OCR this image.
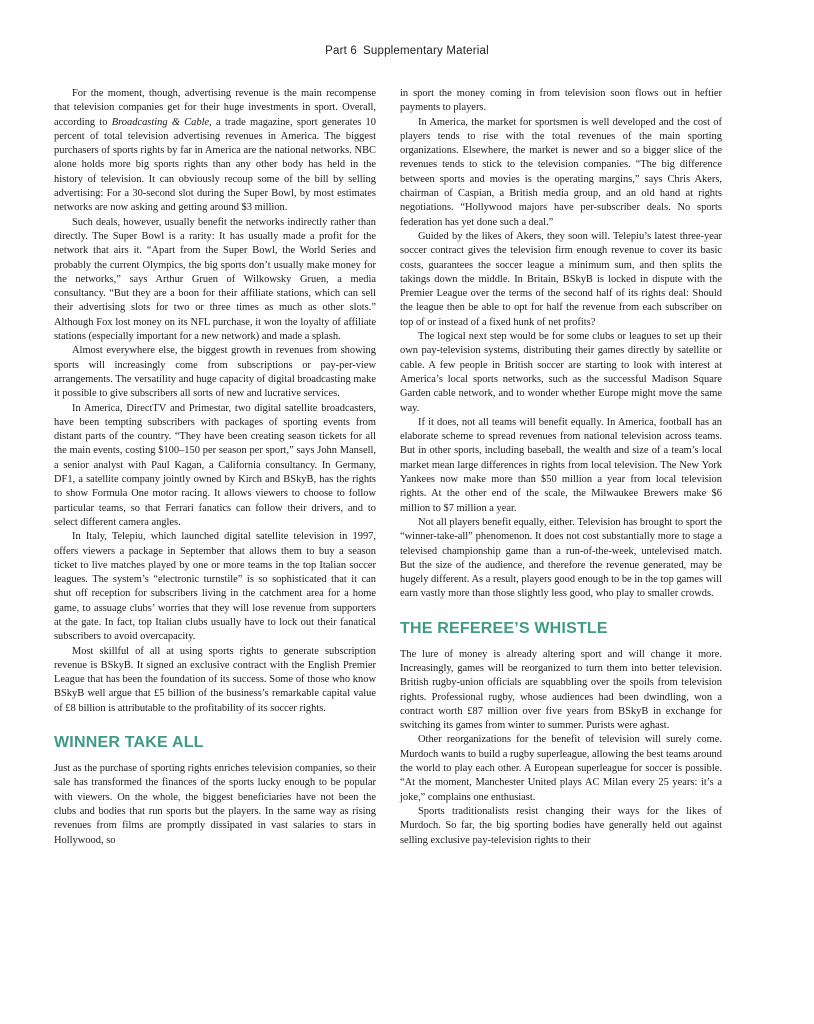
Part 6 Supplementary Material

For the moment, though, advertising revenue is the main recompense that television companies get for their huge investments in sport. Overall, according to Broadcasting & Cable, a trade magazine, sport generates 10 percent of total television advertising revenues in America. The biggest purchasers of sports rights by far in America are the national networks. NBC alone holds more big sports rights than any other body has held in the history of television. It can obviously recoup some of the bill by selling advertising: For a 30-second slot during the Super Bowl, by most estimates networks are now asking and getting around $3 million.

Such deals, however, usually benefit the networks indirectly rather than directly. The Super Bowl is a rarity: It has usually made a profit for the network that airs it. “Apart from the Super Bowl, the World Series and probably the current Olympics, the big sports don’t usually make money for the networks,” says Arthur Gruen of Wilkowsky Gruen, a media consultancy. “But they are a boon for their affiliate stations, which can sell their advertising slots for two or three times as much as other slots.” Although Fox lost money on its NFL purchase, it won the loyalty of affiliate stations (especially important for a new network) and made a splash.

Almost everywhere else, the biggest growth in revenues from showing sports will increasingly come from subscriptions or pay-per-view arrangements. The versatility and huge capacity of digital broadcasting make it possible to give subscribers all sorts of new and lucrative services.

In America, DirectTV and Primestar, two digital satellite broadcasters, have been tempting subscribers with packages of sporting events from distant parts of the country. “They have been creating season tickets for all the main events, costing $100–150 per season per sport,” says John Mansell, a senior analyst with Paul Kagan, a California consultancy. In Germany, DF1, a satellite company jointly owned by Kirch and BSkyB, has the rights to show Formula One motor racing. It allows viewers to choose to follow particular teams, so that Ferrari fanatics can follow their drivers, and to select different camera angles.

In Italy, Telepiu, which launched digital satellite television in 1997, offers viewers a package in September that allows them to buy a season ticket to live matches played by one or more teams in the top Italian soccer leagues. The system’s “electronic turnstile” is so sophisticated that it can shut off reception for subscribers living in the catchment area for a home game, to assuage clubs’ worries that they will lose revenue from supporters at the gate. In fact, top Italian clubs usually have to lock out their fanatical subscribers to avoid overcapacity.

Most skillful of all at using sports rights to generate subscription revenue is BSkyB. It signed an exclusive contract with the English Premier League that has been the foundation of its success. Some of those who know BSkyB well argue that £5 billion of the business’s remarkable capital value of £8 billion is attributable to the profitability of its soccer rights.

WINNER TAKE ALL

Just as the purchase of sporting rights enriches television companies, so their sale has transformed the finances of the sports lucky enough to be popular with viewers. On the whole, the biggest beneficiaries have not been the clubs and bodies that run sports but the players. In the same way as rising revenues from films are promptly dissipated in vast salaries to stars in Hollywood, so

in sport the money coming in from television soon flows out in heftier payments to players.

In America, the market for sportsmen is well developed and the cost of players tends to rise with the total revenues of the main sporting organizations. Elsewhere, the market is newer and so a bigger slice of the revenues tends to stick to the television companies. “The big difference between sports and movies is the operating margins,” says Chris Akers, chairman of Caspian, a British media group, and an old hand at rights negotiations. “Hollywood majors have per-subscriber deals. No sports federation has yet done such a deal.”

Guided by the likes of Akers, they soon will. Telepiu’s latest three-year soccer contract gives the television firm enough revenue to cover its basic costs, guarantees the soccer league a minimum sum, and then splits the takings down the middle. In Britain, BSkyB is locked in dispute with the Premier League over the terms of the second half of its rights deal: Should the league then be able to opt for half the revenue from each subscriber on top of or instead of a fixed hunk of net profits?

The logical next step would be for some clubs or leagues to set up their own pay-television systems, distributing their games directly by satellite or cable. A few people in British soccer are starting to look with interest at America’s local sports networks, such as the successful Madison Square Garden cable network, and to wonder whether Europe might move the same way.

If it does, not all teams will benefit equally. In America, football has an elaborate scheme to spread revenues from national television across teams. But in other sports, including baseball, the wealth and size of a team’s local market mean large differences in rights from local television. The New York Yankees now make more than $50 million a year from local television rights. At the other end of the scale, the Milwaukee Brewers make $6 million to $7 million a year.

Not all players benefit equally, either. Television has brought to sport the “winner-take-all” phenomenon. It does not cost substantially more to stage a televised championship game than a run-of-the-week, untelevised match. But the size of the audience, and therefore the revenue generated, may be hugely different. As a result, players good enough to be in the top games will earn vastly more than those slightly less good, who play to smaller crowds.

THE REFEREE’S WHISTLE

The lure of money is already altering sport and will change it more. Increasingly, games will be reorganized to turn them into better television. British rugby-union officials are squabbling over the spoils from television rights. Professional rugby, whose audiences had been dwindling, won a contract worth £87 million over five years from BSkyB in exchange for switching its games from winter to summer. Purists were aghast.

Other reorganizations for the benefit of television will surely come. Murdoch wants to build a rugby superleague, allowing the best teams around the world to play each other. A European superleague for soccer is possible. “At the moment, Manchester United plays AC Milan every 25 years: it’s a joke,” complains one enthusiast.

Sports traditionalists resist changing their ways for the likes of Murdoch. So far, the big sporting bodies have generally held out against selling exclusive pay-television rights to their
